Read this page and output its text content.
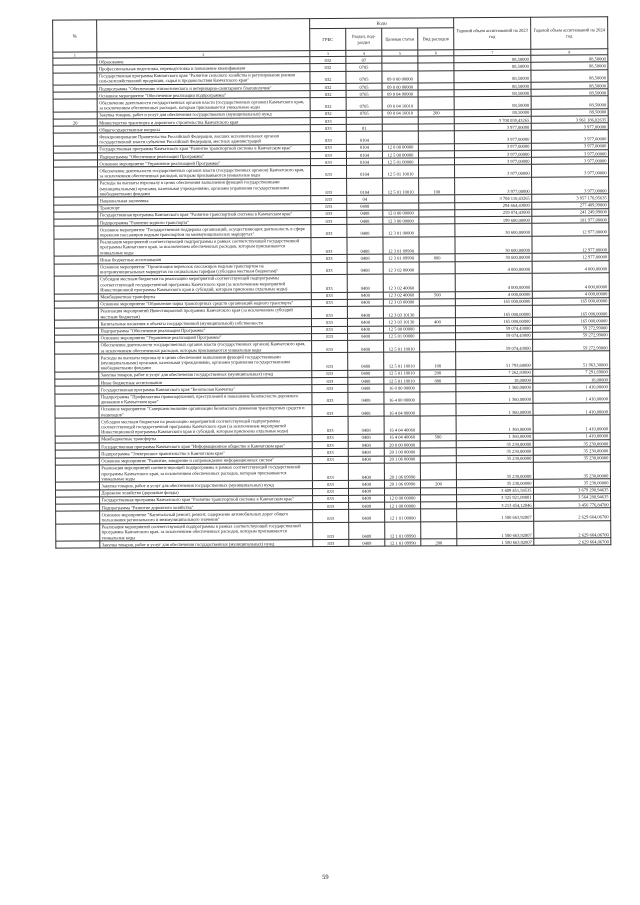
№		Коды				Годовой объем ассигнований на 2023 год	Годовой объем ассигнований на 2024 год
		ГРБС	Раздел, под-раздел	Целевая статья	Вид расходов		
1	2	3	4	5	6	7	8
	Образование	832	07			88,50000	88,50000
	Профессиональная подготовка, переподготовка и повышение квалификации	832	0705			88,50000	88,50000
	Государственная программа Камчатского края "Развитие сельского хозяйства и регулирование рынков сельскохозяйственной продукции, сырья и продовольствия Камчатского края"	832	0705	09 0 00 00000		88,50000	88,50000
	Подпрограмма "Обеспечение эпизоотического и ветеринарно-санитарного благополучия"	832	0705	09 8 00 00000		88,50000	88,50000
	Основное мероприятие "Обеспечение реализации подпрограммы"	832	0705	09 8 04 00000		88,50000	88,50000
	Обеспечение деятельности государственных органов власти (государственных органов) Камчатского края, за исключением обеспеченных расходов, которым присваиваются уникальные коды	832	0705	09 8 04 10010		88,50000	88,50000
	Закупка товаров, работ и услуг для обеспечения государственных (муниципальных) нужд	832	0705	09 8 04 10010	200	88,50000	88,50000
20	Министерство транспорта и дорожного строительства Камчатского края	833				3 708 059,43265	3 961 186,82635
	Общегосударственные вопросы	833	01			3 977,00000	3 977,00000
	Функционирование Правительства Российской Федерации, высших исполнительных органов государственной власти субъектов Российской Федерации, местных администраций	833	0104			3 977,00000	3 977,00000
	Государственная программа Камчатского края "Развитие транспортной системы в Камчатском крае"	833	0104	12 0 00 00000		3 977,00000	3 977,00000
	Подпрограмма "Обеспечение реализации Программы"	833	0104	12 5 00 00000		3 977,00000	3 977,00000
	Основное мероприятие "Управление реализацией Программы"	833	0104	12 5 01 00000		3 977,00000	3 977,00000
	Обеспечение деятельности государственных органов власти (государственных органов) Камчатского края, за исключением обеспеченных расходов, которым присваиваются уникальные коды	833	0104	12 5 01 10010		3 977,00000	3 977,00000
	Расходы на выплаты персоналу в целях обеспечения выполнения функций государственными (муниципальными) органами, казенными учреждениями, органами управления государственными внебюджетными фондами	833	0104	12 5 01 10010	100	3 977,00000	3 977,00000
	Национальная экономика	833	04			3 704 110,43265	3 957 178,95635
	Транспорт	833	0408			294 664,43000	277 489,99000
	Государственная программа Камчатского края "Развитие транспортной системы в Камчатском крае"	833	0408	12 0 00 00000		259 074,43000	241 249,99000
	Подпрограмма "Развитие водного транспорта"	833	0408	12 3 00 00000		199 600,00000	181 977,00000
	Основное мероприятие "Государственная поддержка организаций, осуществляющих деятельность в сфере перевозок пассажиров водным транспортом на межмуниципальных маршрутах"	833	0408	12 3 01 00000		30 600,00000	12 977,00000
	Реализация мероприятий соответствующей подпрограммы в рамках соответствующей государственной программы Камчатского края, за исключением обеспеченных расходов, которым присваиваются уникальные коды	833	0408	12 3 01 09990		30 600,00000	12 977,00000
	Иные бюджетные ассигнования	833	0408	12 3 01 09990	800	30 600,00000	12 977,00000
	Основное мероприятие "Организация перевозок пассажиров водным транспортом на внутримуниципальных маршрутах по социальным тарифам (субсидии местным бюджетам)"	833	0408	12 3 02 00000		4 000,00000	4 000,00000
	Субсидии местным бюджетам на реализацию мероприятий соответствующей подпрограммы соответствующей государственной программы Камчатского края (за исключением мероприятий Инвестиционной программы Камчатского края и субсидий, которым присвоены отдельные коды)	833	0408	12 3 02 40060		4 000,00000	4 000,00000
	Межбюджетные трансферты	833	0408	12 3 02 40060	500	4 000,00000	4 000,00000
	Основное мероприятие "Обновление парка транспортных средств организаций водного транспорта"	833	0408	12 3 03 00000		165 000,00000	165 000,00000
	Реализация мероприятий Инвестиционной программы Камчатского края (за исключением субсидий местным бюджетам)	833	0408	12 3 03 10130		165 000,00000	165 000,00000
	Капитальные вложения в объекты государственной (муниципальной) собственности	833	0408	12 3 03 10130	400	165 000,00000	165 000,00000
	Подпрограмма "Обеспечение реализации Программы"	833	0408	12 5 00 00000		59 074,43000	59 272,99000
	Основное мероприятие "Управление реализацией Программы"	833	0408	12 5 01 00000		59 074,43000	59 272,99000
	Обеспечение деятельности государственных органов власти (государственных органов) Камчатского края, за исключением обеспеченных расходов, которым присваиваются уникальные коды	833	0408	12 5 01 10010		59 074,43000	59 272,99000
	Расходы на выплаты персоналу в целях обеспечения выполнения функций государственными (муниципальными) органами, казенными учреждениями, органами управления государственными внебюджетными фондами	833	0408	12 5 01 10010	100	51 793,60000	51 963,30000
	Закупка товаров, работ и услуг для обеспечения государственных (муниципальных) нужд	833	0408	12 5 01 10010	200	7 262,83000	7 291,69000
	Иные бюджетные ассигнования	833	0408	12 5 01 10010	800	18,00000	18,00000
	Государственная программа Камчатского края "Безопасная Камчатка"	833	0408	16 0 00 00000		1 360,00000	1 410,00000
	Подпрограмма "Профилактика правонарушений, преступлений и повышение безопасности дорожного движения в Камчатском крае"	833	0408	16 4 00 00000		1 360,00000	1 410,00000
	Основное мероприятие "Совершенствование организации безопасного движения транспортных средств и пешеходов"	833	0408	16 4 04 00000		1 360,00000	1 410,00000
	Субсидии местным бюджетам на реализацию мероприятий соответствующей подпрограммы соответствующей государственной программы Камчатского края (за исключением мероприятий Инвестиционной программы Камчатского края и субсидий, которым присвоены отдельные коды)	833	0408	16 4 04 40060		1 360,00000	1 410,00000
	Межбюджетные трансферты	833	0408	16 4 04 40060	500	1 360,00000	1 410,00000
	Государственная программа Камчатского края "Информационное общество в Камчатском крае"	833	0408	20 0 00 00000		35 230,00000	35 230,00000
	Подпрограмма "Электронное правительство в Камчатском крае"	833	0408	20 1 00 00000		35 230,00000	35 230,00000
	Основное мероприятие "Развитие, внедрение и сопровождение информационных систем"	833	0408	20 1 06 00000		35 230,00000	35 230,00000
	Реализация мероприятий соответствующей подпрограммы в рамках соответствующей государственной программы Камчатского края, за исключением обеспеченных расходов, которым присваиваются уникальные коды	833	0408	20 1 06 09990		35 230,00000	35 230,00000
	Закупка товаров, работ и услуг для обеспечения государственных (муниципальных) нужд	833	0408	20 1 06 09990	200	35 230,00000	35 230,00000
	Дорожное хозяйство (дорожные фонды)	833	0409			3 409 451,58535	3 679 298,94635
	Государственная программа Камчатского края "Развитие транспортной системы в Камчатском крае"	833	0409	12 0 00 00000		3 325 921,09801	3 564 288,94635
	Подпрограмма "Развитие дорожного хозяйства"	833	0409	12 1 00 00000		3 213 454,12046	3 456 776,84700
	Основное мероприятие "Капитальный ремонт, ремонт, содержание автомобильных дорог общего пользования регионального и межмуниципального значения"	833	0409	12 1 01 00000		1 580 663,92807	2 629 664,06700
	Реализация мероприятий соответствующей подпрограммы в рамках соответствующей государственной программы Камчатского края, за исключением обеспеченных расходов, которым присваиваются уникальные коды	833	0409	12 1 01 09990		1 580 663,92807	2 629 664,06700
	Закупка товаров, работ и услуг для обеспечения государственных (муниципальных) нужд	833	0409	12 1 01 09990	200	1 580 663,92807	2 629 664,06700
59
